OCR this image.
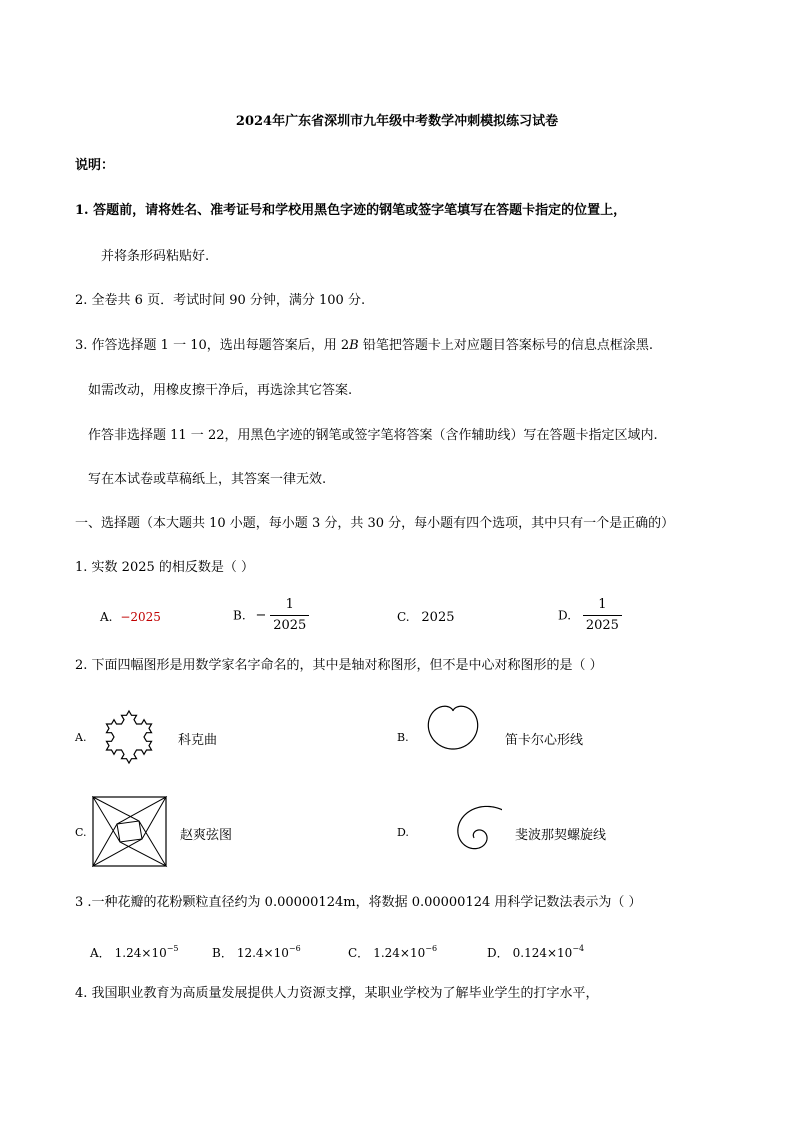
2024年广东省深圳市九年级中考数学冲刺模拟练习试卷
说明：
1. 答题前，请将姓名、准考证号和学校用黑色字迹的钢笔或签字笔填写在答题卡指定的位置上，
并将条形码粘贴好.
2. 全卷共 6 页．考试时间 90 分钟，满分 100 分.
3. 作答选择题 1 一 10，选出每题答案后，用 2B 铅笔把答题卡上对应题目答案标号的信息点框涂黑.
如需改动，用橡皮擦干净后，再选涂其它答案.
作答非选择题 11 一 22，用黑色字迹的钢笔或签字笔将答案（含作辅助线）写在答题卡指定区域内.
写在本试卷或草稿纸上，其答案一律无效.
一、选择题（本大题共 10 小题，每小题 3 分，共 30 分，每小题有四个选项，其中只有一个是正确的）
1. 实数 2025 的相反数是（ ）
A. −2025	B. − $\frac{1}{2025}$	C. 2025	D. $\frac{1}{2025}$
2. 下面四幅图形是用数学家名字命名的，其中是轴对称图形，但不是中心对称图形的是（ ）
A.	科克曲	B.	笛卡尔心形线
C.	赵爽弦图	D.	斐波那契螺旋线
3 .一种花瓣的花粉颗粒直径约为 0.00000124m，将数据 0.00000124 用科学记数法表示为（ ）
A． $1.24\times 10^{-5}$	B． $12.4\times 10^{-6}$	C． $1.24\times 10^{-6}$	D． $0.124\times 10^{-4}$
4. 我国职业教育为高质量发展提供人力资源支撑，某职业学校为了解毕业学生的打字水平，
